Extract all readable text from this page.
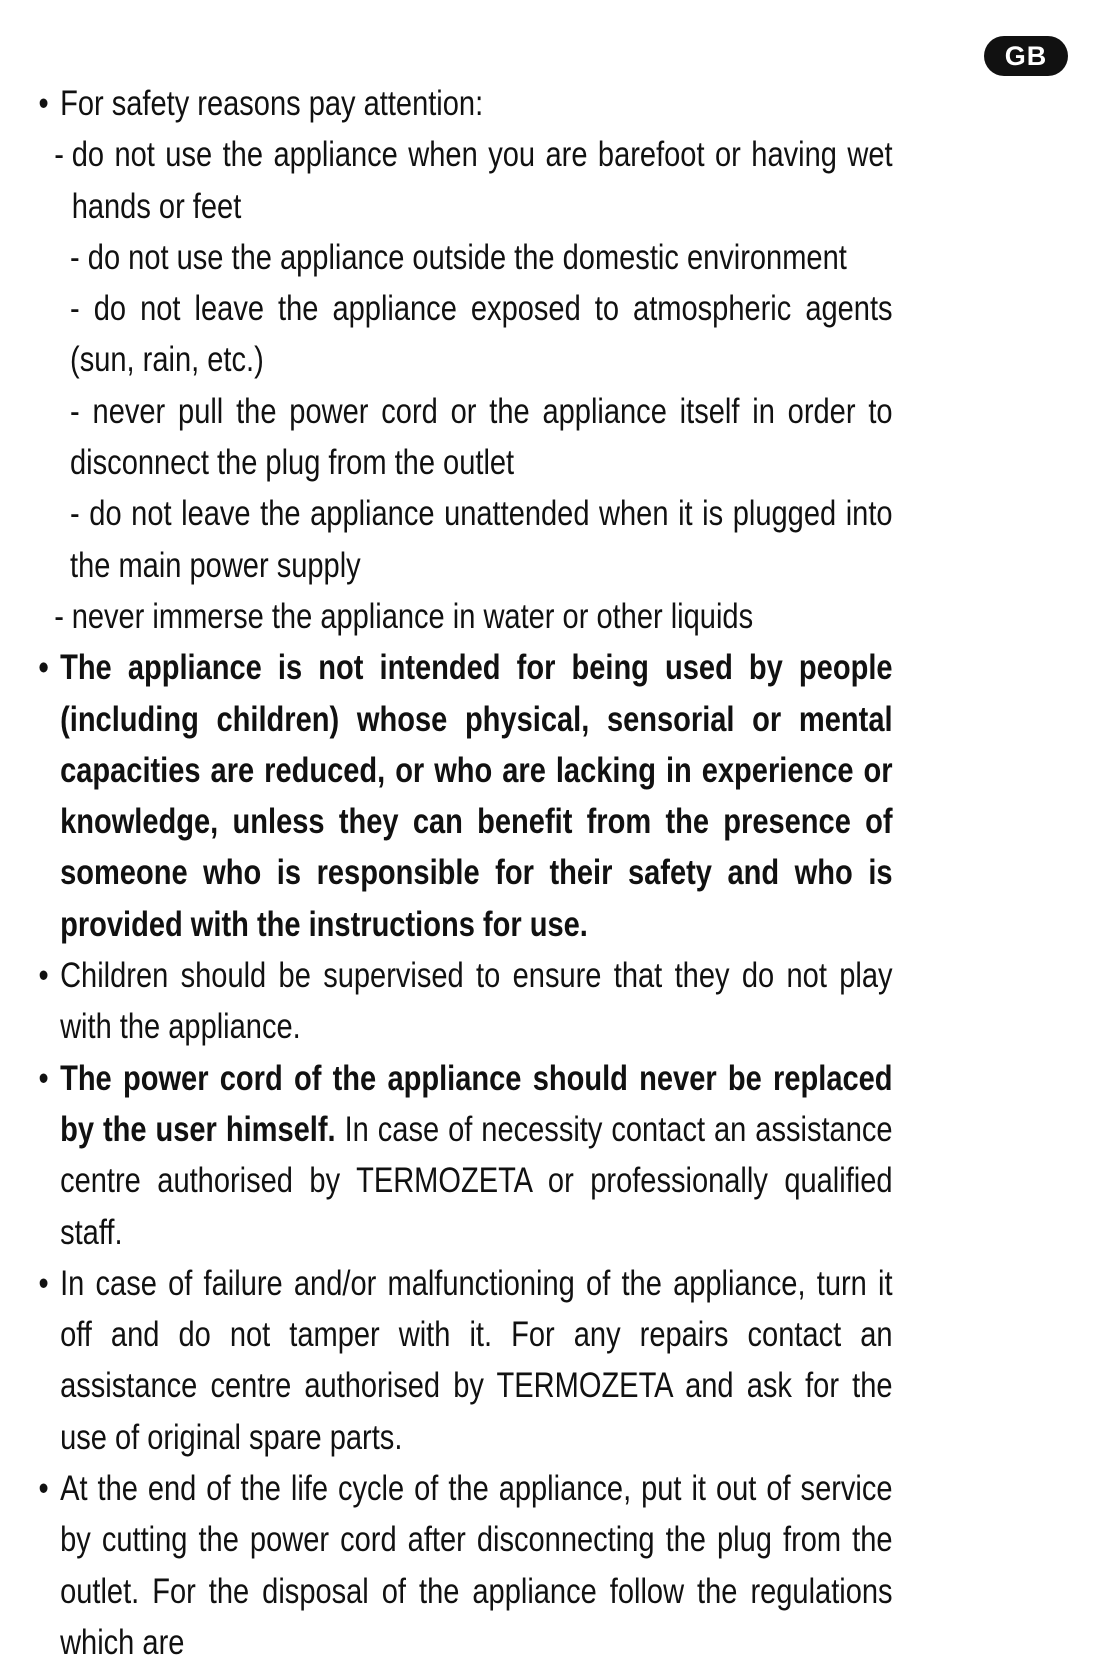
GB

• For safety reasons pay attention:

- do not use the appliance when you are barefoot or having wet hands or feet

- do not use the appliance outside the domestic environment

- do not leave the appliance exposed to atmospheric agents (sun, rain, etc.)

- never pull the power cord or the appliance itself in order to disconnect the plug from the outlet

- do not leave the appliance unattended when it is plugged into the main power supply

- never immerse the appliance in water or other liquids

• The appliance is not intended for being used by people (including children) whose physical, sensorial or mental capacities are reduced, or who are lacking in experience or knowledge, unless they can benefit from the presence of someone who is responsible for their safety and who is provided with the instructions for use.

• Children should be supervised to ensure that they do not play with the appliance.

• The power cord of the appliance should never be replaced by the user himself. In case of necessity contact an assistance centre authorised by TERMOZETA or professionally qualified staff.

• In case of failure and/or malfunctioning of the appliance, turn it off and do not tamper with it. For any repairs contact an assistance centre authorised by TERMOZETA and ask for the use of original spare parts.

• At the end of the life cycle of the appliance, put it out of service by cutting the power cord after disconnecting the plug from the outlet. For the disposal of the appliance follow the regulations which are
